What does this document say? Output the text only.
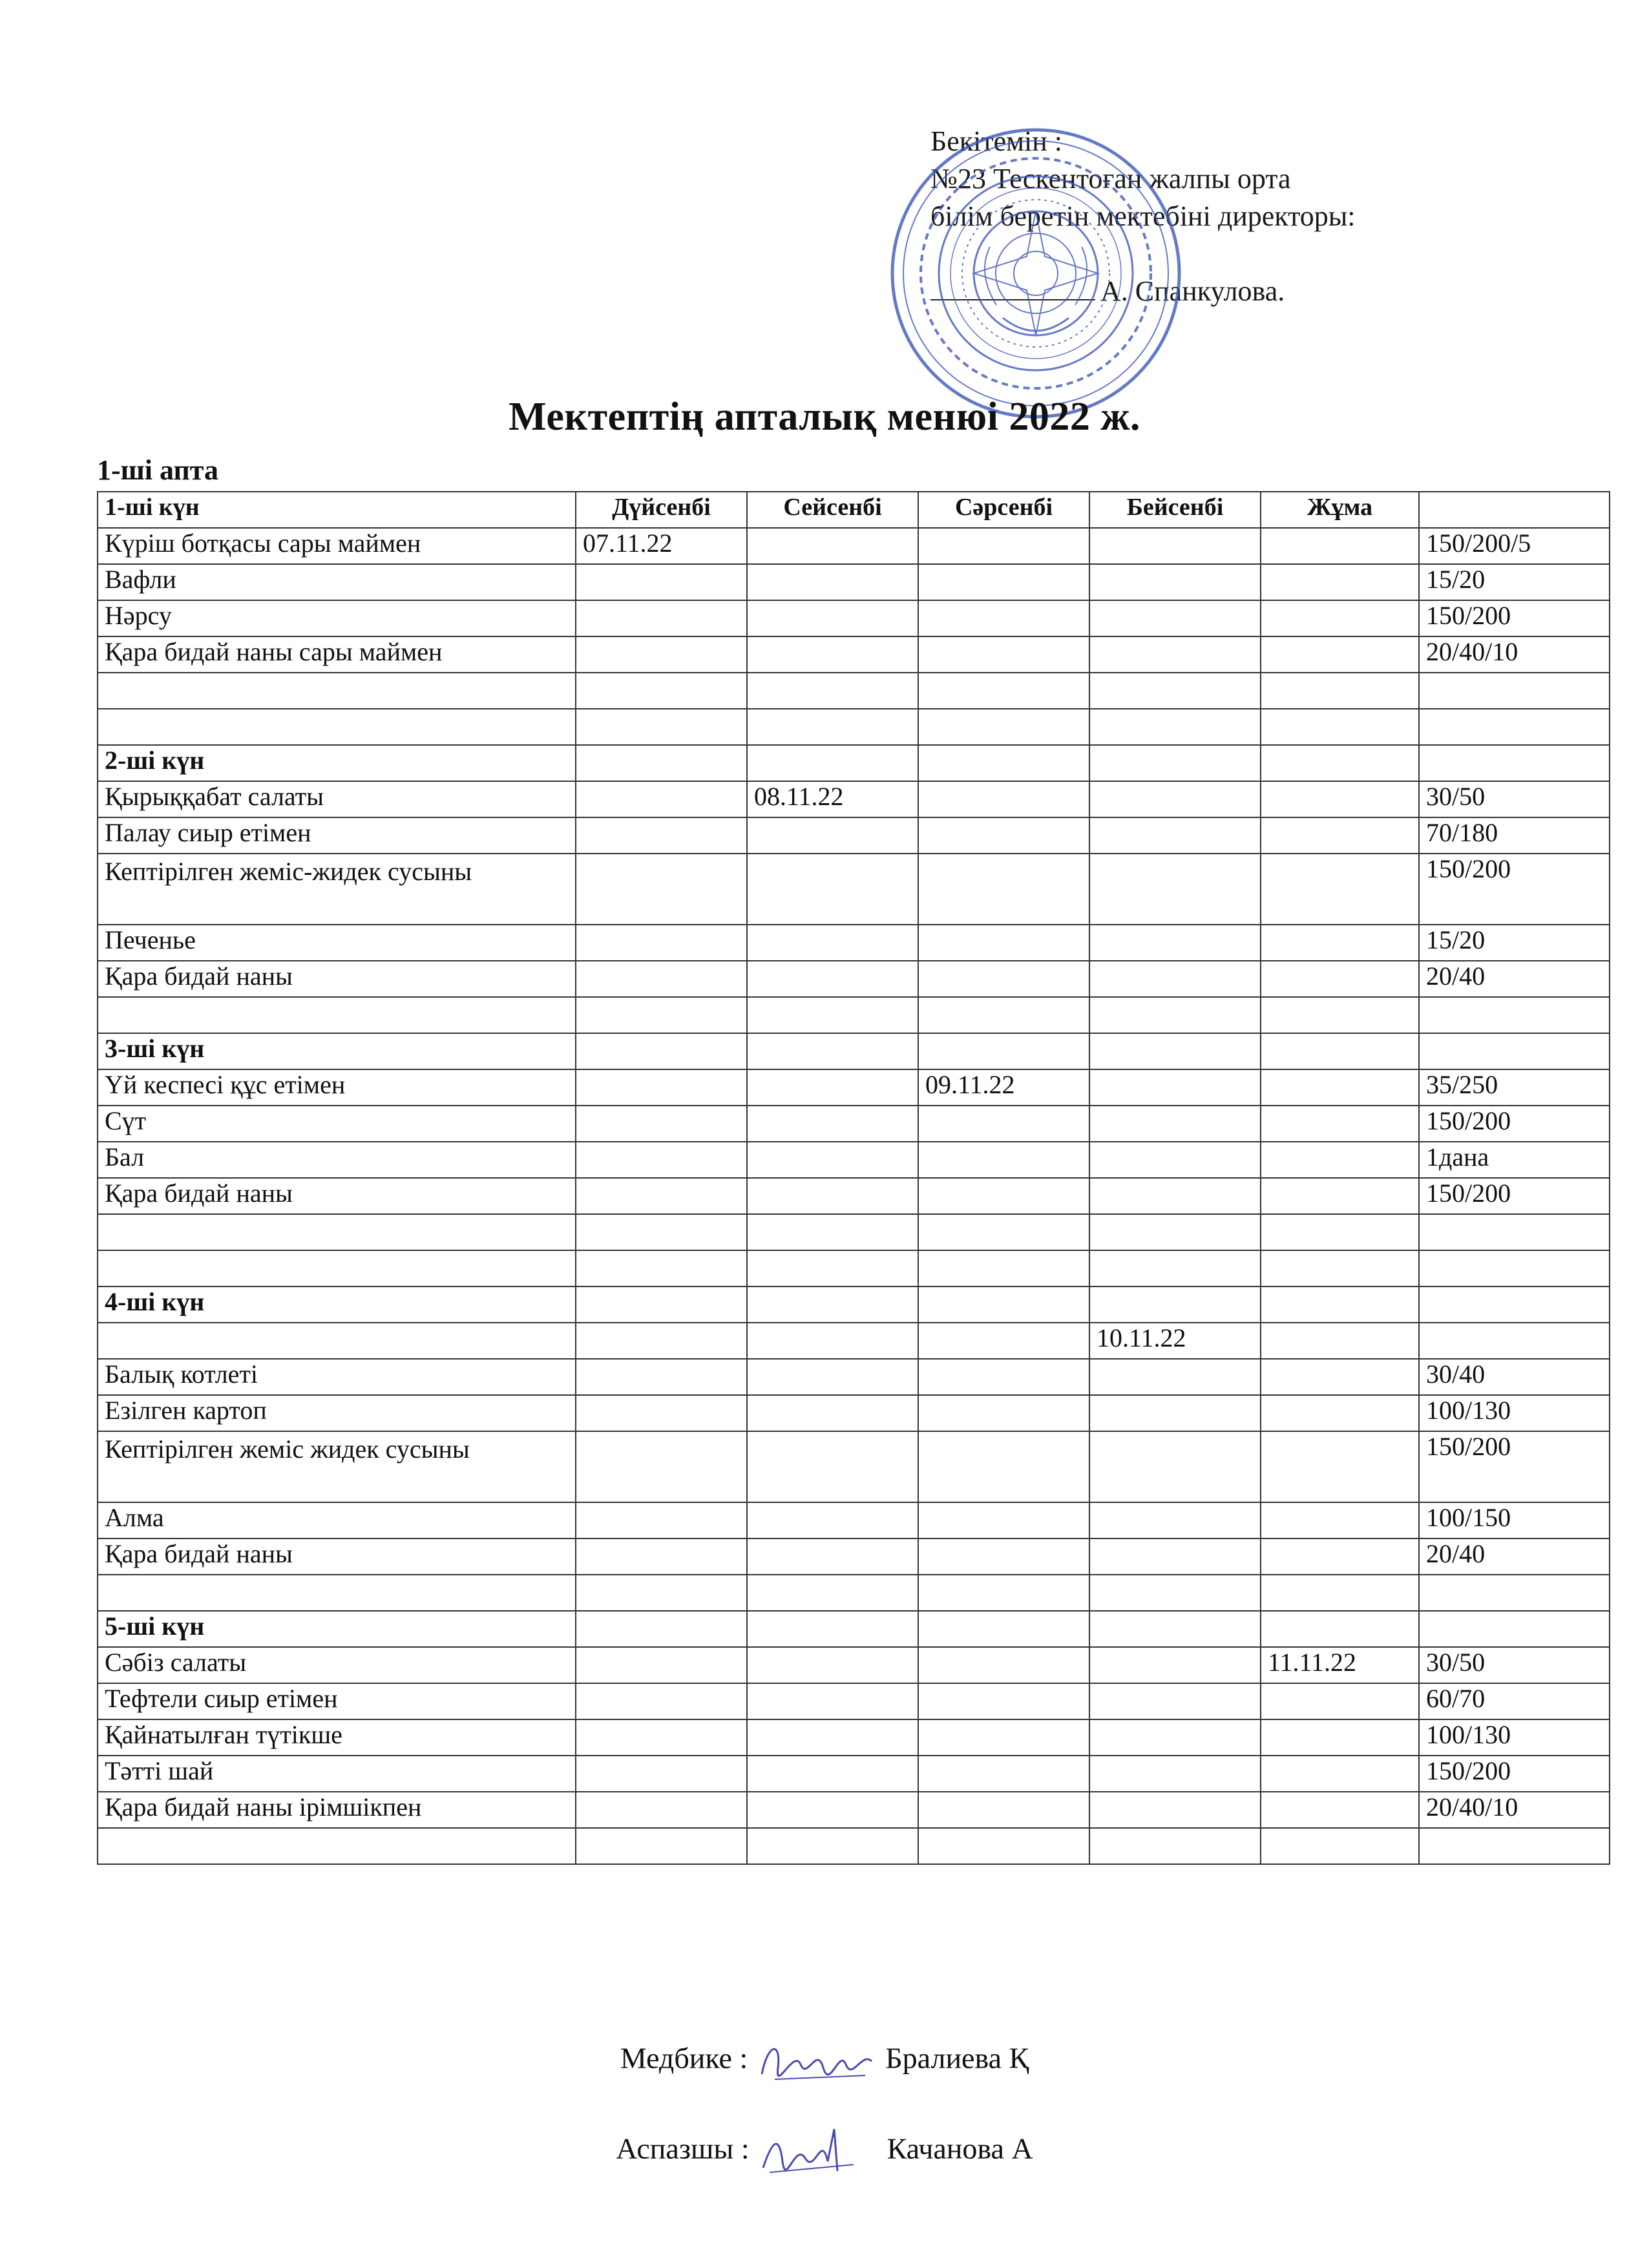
Бекітемін :
№23 Тескентоған жалпы орта
білім беретін мектебіні директоры:
А. Спанкулова.
Мектептің апталық менюі 2022 ж.
1-ші апта
1-ші күн	Дүйсенбі	Сейсенбі	Сәрсенбі	Бейсенбі	Жұма	
Күріш ботқасы сары маймен	07.11.22					150/200/5
Вафли						15/20
Нәрсу						150/200
Қара бидай наны сары маймен						20/40/10

2-ші күн						
Қырыққабат салаты		08.11.22				30/50
Палау сиыр етімен						70/180
Кептірілген жеміс-жидек сусыны						150/200
Печенье						15/20
Қара бидай наны						20/40

3-ші күн						
Үй кеспесі құс етімен			09.11.22			35/250
Сүт						150/200
Бал						1дана
Қара бидай наны						150/200

4-ші күн						
				10.11.22		
Балық котлеті						30/40
Езілген картоп						100/130
Кептірілген жеміс жидек сусыны						150/200
Алма						100/150
Қара бидай наны						20/40

5-ші күн						
Сәбіз салаты					11.11.22	30/50
Тефтели сиыр етімен						60/70
Қайнатылған түтікше						100/130
Тәтті шай						150/200
Қара бидай наны ірімшікпен						20/40/10

Медбике :	Бралиева Қ
Аспазшы :	Качанова А
